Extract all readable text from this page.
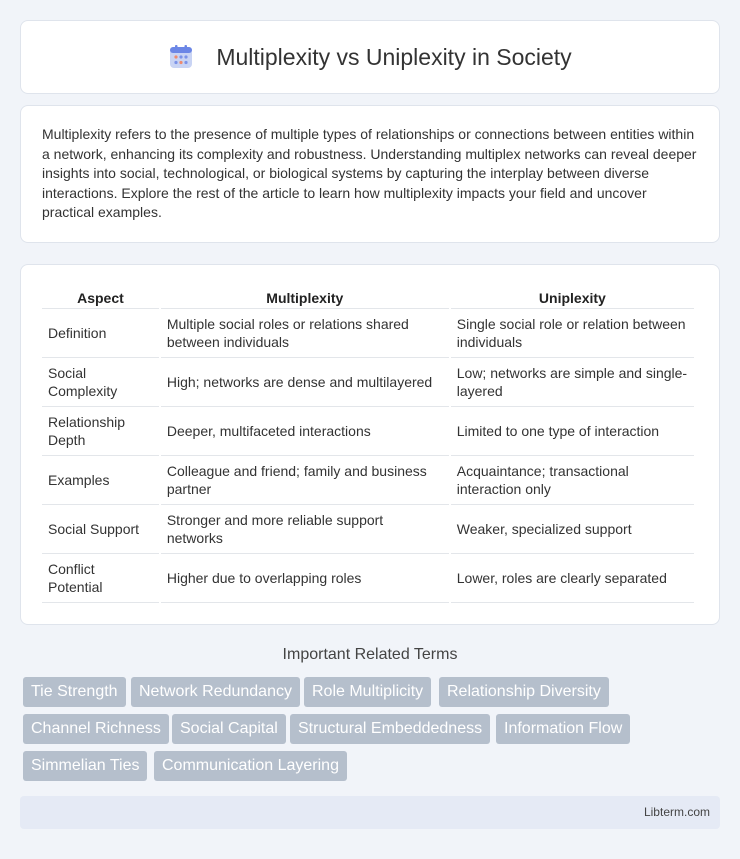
Multiplexity vs Uniplexity in Society

Multiplexity refers to the presence of multiple types of relationships or connections between entities within a network, enhancing its complexity and robustness. Understanding multiplex networks can reveal deeper insights into social, technological, or biological systems by capturing the interplay between diverse interactions. Explore the rest of the article to learn how multiplexity impacts your field and uncover practical examples.

Aspect	Multiplexity	Uniplexity
Definition	Multiple social roles or relations shared between individuals	Single social role or relation between individuals
Social Complexity	High; networks are dense and multilayered	Low; networks are simple and single-layered
Relationship Depth	Deeper, multifaceted interactions	Limited to one type of interaction
Examples	Colleague and friend; family and business partner	Acquaintance; transactional interaction only
Social Support	Stronger and more reliable support networks	Weaker, specialized support
Conflict Potential	Higher due to overlapping roles	Lower, roles are clearly separated
Important Related Terms
Tie Strength	Network Redundancy	Role Multiplicity	Relationship Diversity
Channel Richness	Social Capital	Structural Embeddedness	Information Flow
Simmelian Ties	Communication Layering
Libterm.com
